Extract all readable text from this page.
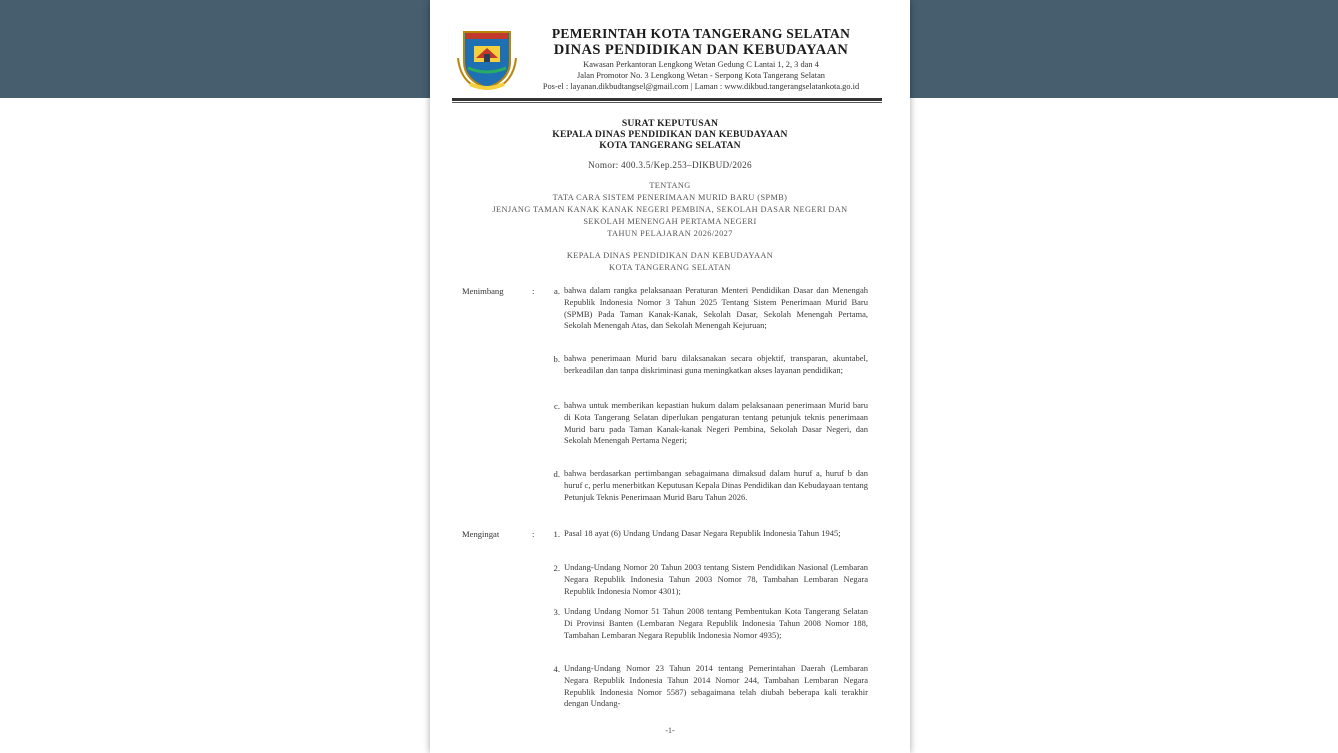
PEMERINTAH KOTA TANGERANG SELATAN
DINAS PENDIDIKAN DAN KEBUDAYAAN
Kawasan Perkantoran Lengkong Wetan Gedung C Lantai 1, 2, 3 dan 4
Jalan Promotor No. 3 Lengkong Wetan - Serpong Kota Tangerang Selatan
Pos-el : layanan.dikbudtangsel@gmail.com | Laman : www.dikbud.tangerangselatankota.go.id
SURAT KEPUTUSAN
KEPALA DINAS PENDIDIKAN DAN KEBUDAYAAN
KOTA TANGERANG SELATAN
Nomor: 400.3.5/Kep.253–DIKBUD/2026
TENTANG
TATA CARA SISTEM PENERIMAAN MURID BARU (SPMB)
JENJANG TAMAN KANAK KANAK NEGERI PEMBINA, SEKOLAH DASAR NEGERI DAN
SEKOLAH MENENGAH PERTAMA NEGERI
TAHUN PELAJARAN 2026/2027
KEPALA DINAS PENDIDIKAN DAN KEBUDAYAAN
KOTA TANGERANG SELATAN
Menimbang	:	a. bahwa dalam rangka pelaksanaan Peraturan Menteri Pendidikan Dasar dan Menengah Republik Indonesia Nomor 3 Tahun 2025 Tentang Sistem Penerimaan Murid Baru (SPMB) Pada Taman Kanak-Kanak, Sekolah Dasar, Sekolah Menengah Pertama, Sekolah Menengah Atas, dan Sekolah Menengah Kejuruan;
b. bahwa penerimaan Murid baru dilaksanakan secara objektif, transparan, akuntabel, berkeadilan dan tanpa diskriminasi guna meningkatkan akses layanan pendidikan;
c. bahwa untuk memberikan kepastian hukum dalam pelaksanaan penerimaan Murid baru di Kota Tangerang Selatan diperlukan pengaturan tentang petunjuk teknis penerimaan Murid baru pada Taman Kanak-kanak Negeri Pembina, Sekolah Dasar Negeri, dan Sekolah Menengah Pertama Negeri;
d. bahwa berdasarkan pertimbangan sebagaimana dimaksud dalam huruf a, huruf b dan huruf c, perlu menerbitkan Keputusan Kepala Dinas Pendidikan dan Kebudayaan tentang Petunjuk Teknis Penerimaan Murid Baru Tahun 2026.
Mengingat	:	1. Pasal 18 ayat (6) Undang Undang Dasar Negara Republik Indonesia Tahun 1945;
2. Undang-Undang Nomor 20 Tahun 2003 tentang Sistem Pendidikan Nasional (Lembaran Negara Republik Indonesia Tahun 2003 Nomor 78, Tambahan Lembaran Negara Republik Indonesia Nomor 4301);
3. Undang Undang Nomor 51 Tahun 2008 tentang Pembentukan Kota Tangerang Selatan Di Provinsi Banten (Lembaran Negara Republik Indonesia Tahun 2008 Nomor 188, Tambahan Lembaran Negara Republik Indonesia Nomor 4935);
4. Undang-Undang Nomor 23 Tahun 2014 tentang Pemerintahan Daerah (Lembaran Negara Republik Indonesia Tahun 2014 Nomor 244, Tambahan Lembaran Negara Republik Indonesia Nomor 5587) sebagaimana telah diubah beberapa kali terakhir dengan Undang-
-1-
